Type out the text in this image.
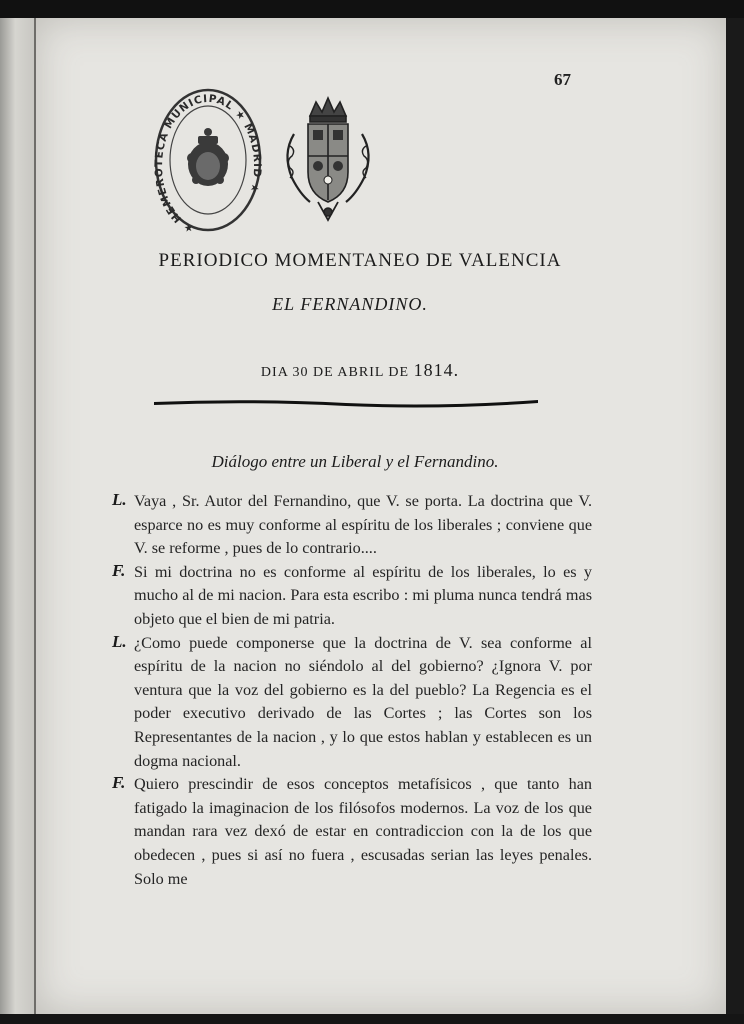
67
★ HEMEROTECA MUNICIPAL ★ MADRID ★
PERIODICO MOMENTANEO DE VALENCIA
EL FERNANDINO.
DIA 30 DE ABRIL DE 1814.
Diálogo entre un Liberal y el Fernandino.
L. Vaya , Sr. Autor del Fernandino, que V. se porta. La doctrina que V. esparce no es muy conforme al espíritu de los liberales ; conviene que V. se reforme , pues de lo contrario....

F. Si mi doctrina no es conforme al espíritu de los liberales, lo es y mucho al de mi nacion. Para esta escribo : mi pluma nunca tendrá mas objeto que el bien de mi patria.

L. ¿Como puede componerse que la doctrina de V. sea conforme al espíritu de la nacion no siéndolo al del gobierno? ¿Ignora V. por ventura que la voz del gobierno es la del pueblo? La Regencia es el poder executivo derivado de las Cortes ; las Cortes son los Representantes de la nacion , y lo que estos hablan y establecen es un dogma nacional.

F. Quiero prescindir de esos conceptos metafísicos , que tanto han fatigado la imaginacion de los filósofos modernos. La voz de los que mandan rara vez dexó de estar en contradiccion con la de los que obedecen , pues si así no fuera , escusadas serian las leyes penales. Solo me
